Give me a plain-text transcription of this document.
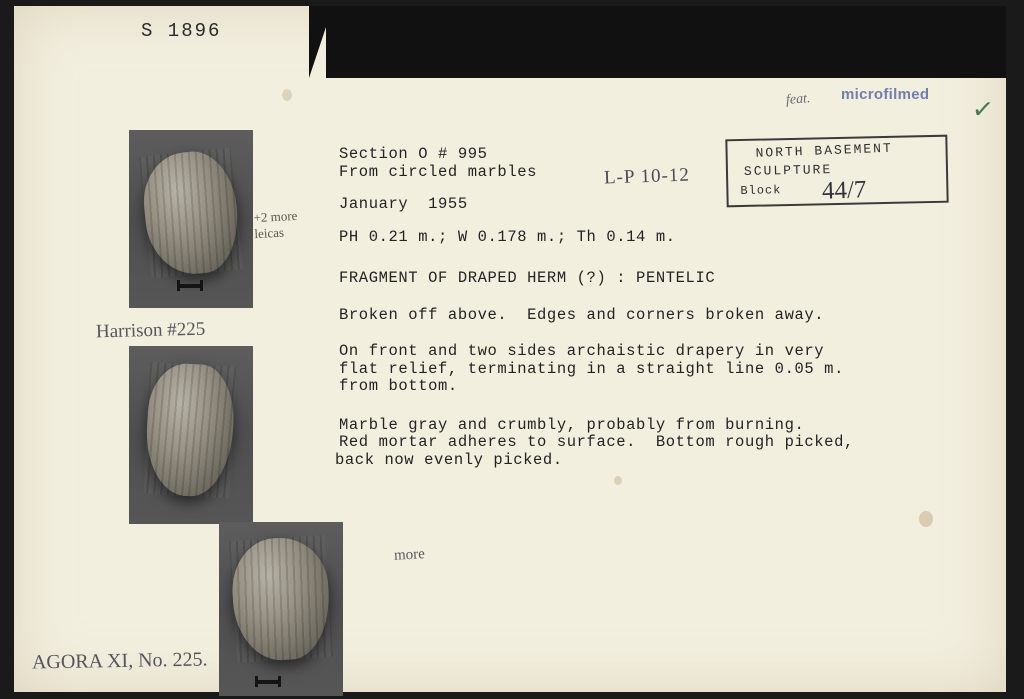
S 1896
feat. microfilmed ✓
NORTH BASEMENT
SCULPTURE
Block 44/7
Section O # 995
From circled marbles
January  1955
PH 0.21 m.; W 0.178 m.; Th 0.14 m.
FRAGMENT OF DRAPED HERM (?) : PENTELIC
Broken off above.  Edges and corners broken away.
On front and two sides archaistic drapery in very
flat relief, terminating in a straight line 0.05 m.
from bottom.
Marble gray and crumbly, probably from burning.
Red mortar adheres to surface.  Bottom rough picked,
back now evenly picked.
L-P 10-12
+2 more
leicas
Harrison #225
more
AGORA XI, No. 225.
